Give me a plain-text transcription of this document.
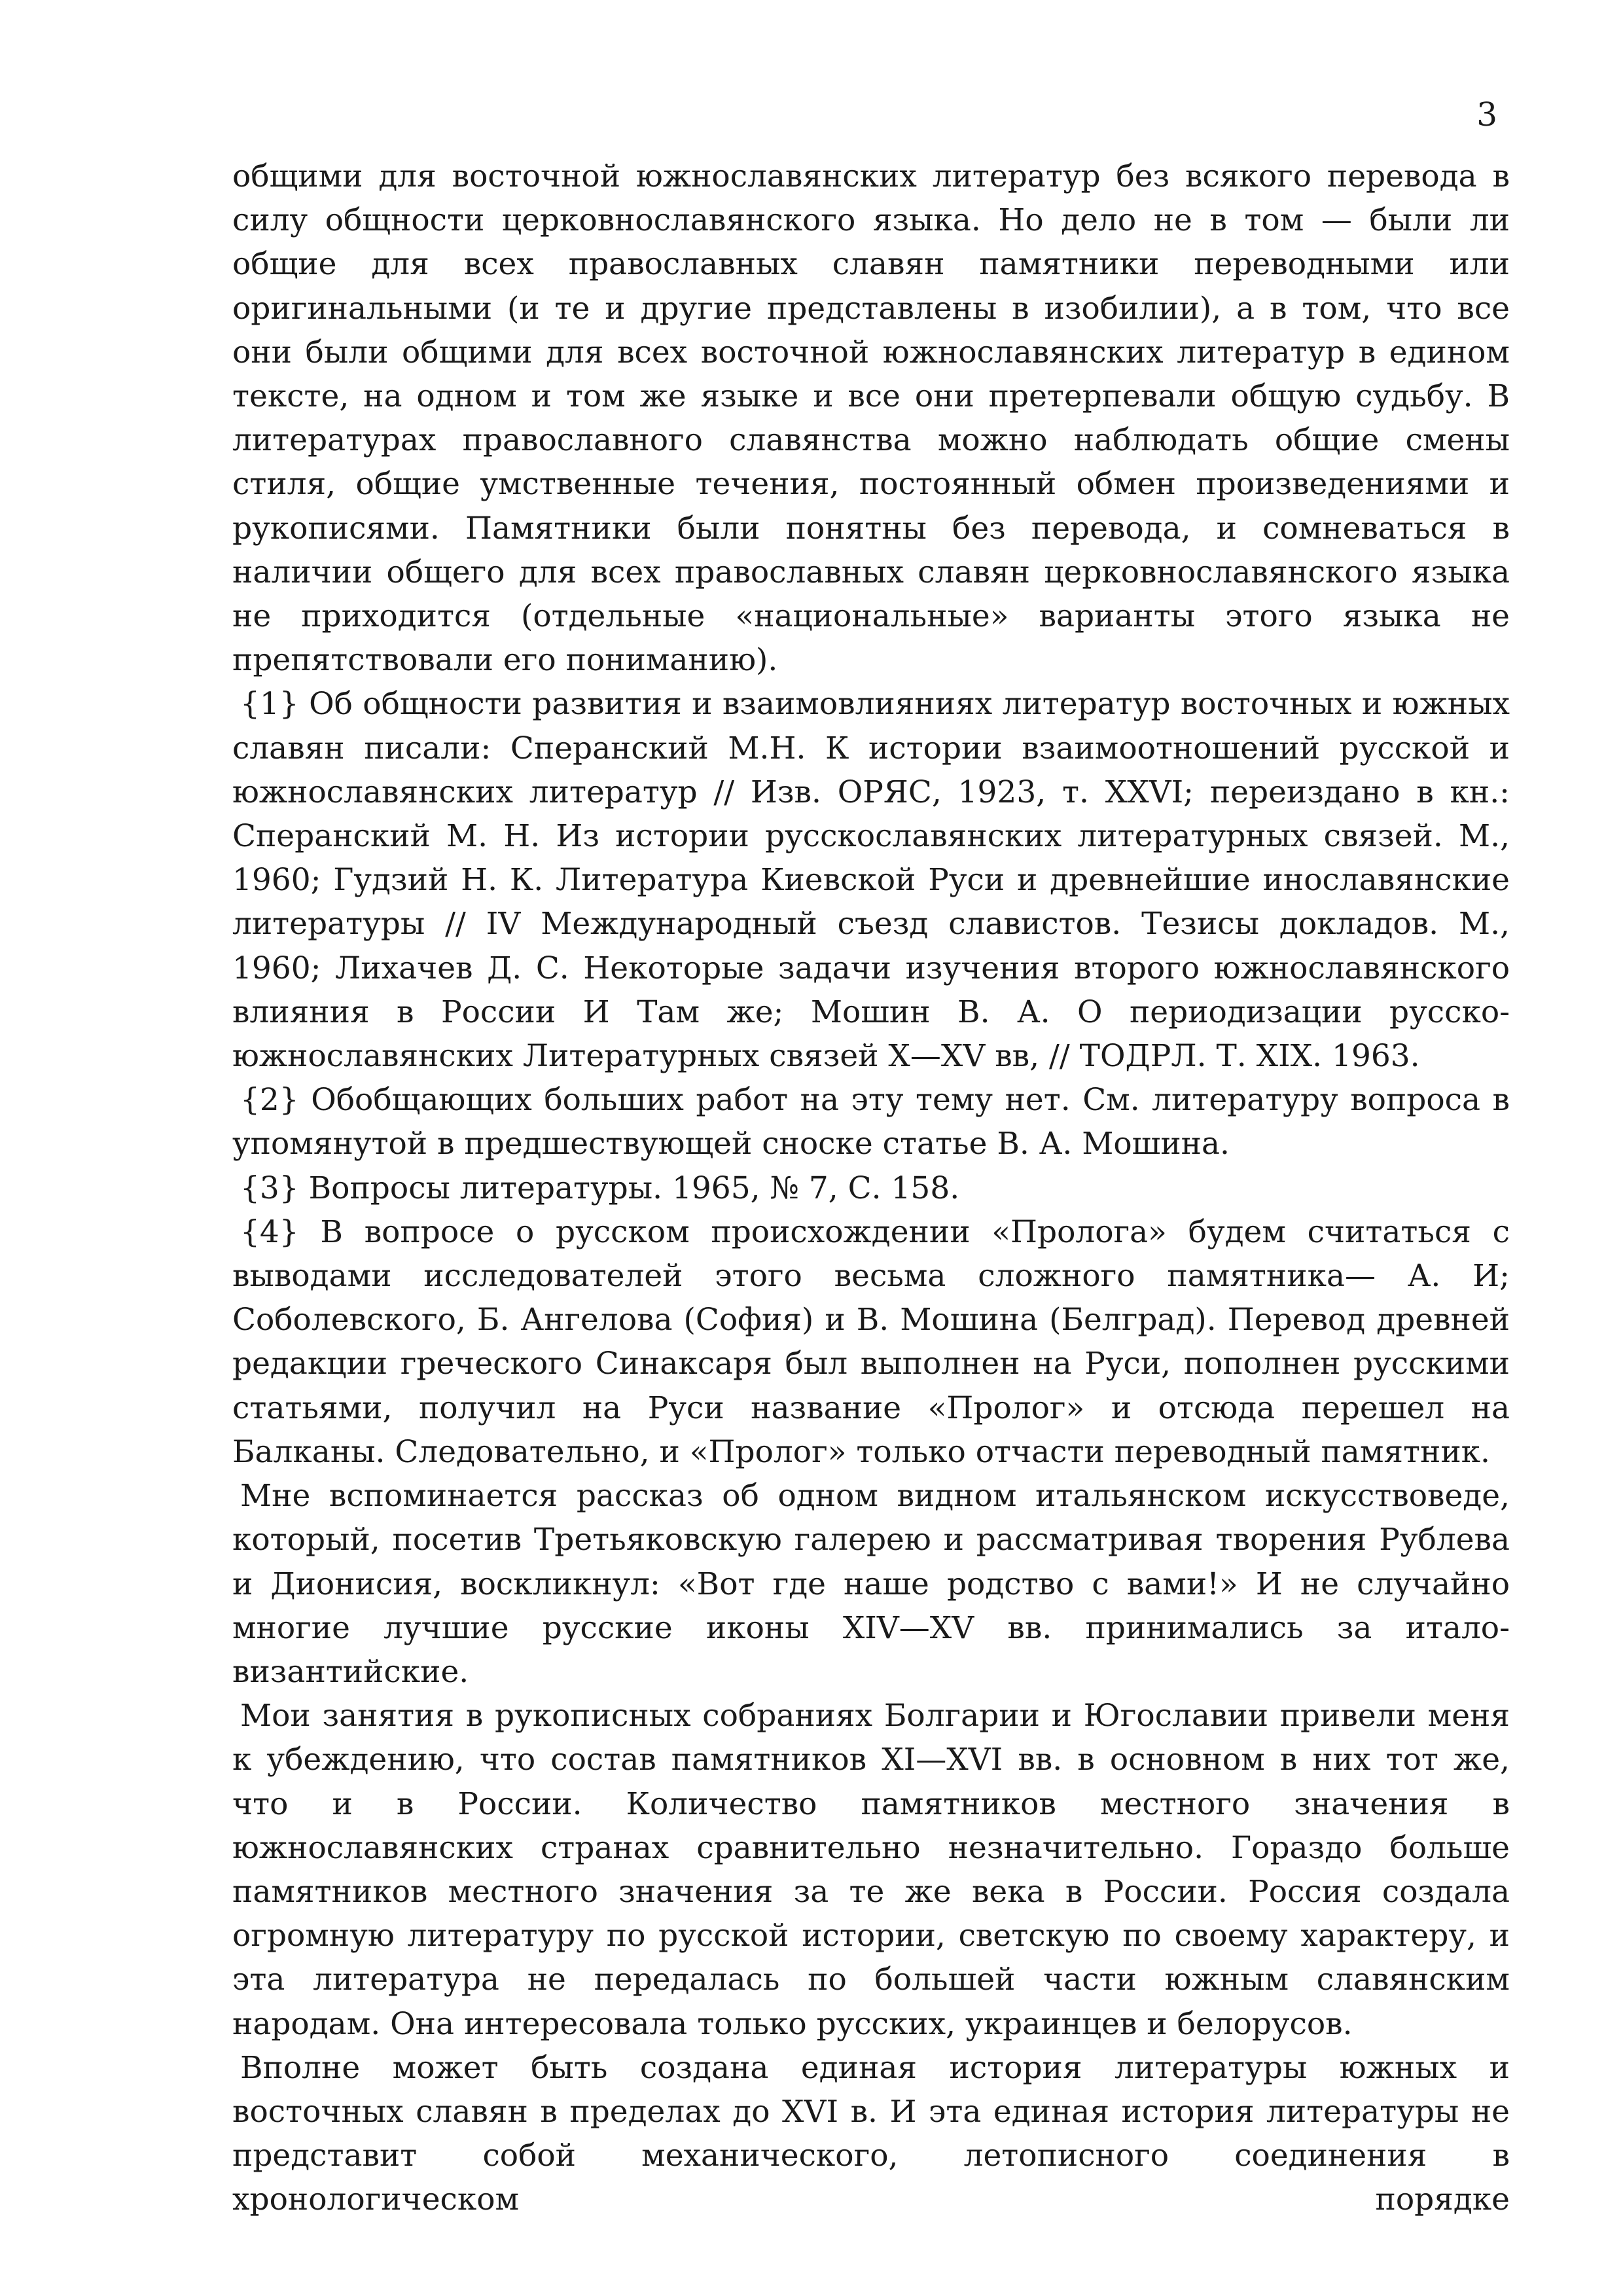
3

общими для восточной южнославянских литератур без всякого перевода в силу общности церковнославянского языка. Но дело не в том — были ли общие для всех православных славян памятники переводными или оригинальными (и те и другие представлены в изобилии), а в том, что все они были общими для всех восточной южнославянских литератур в едином тексте, на одном и том же языке и все они претерпевали общую судьбу. В литературах православного славянства можно наблюдать общие смены стиля, общие умственные течения, постоянный обмен произведениями и рукописями. Памятники были понятны без перевода, и сомневаться в наличии общего для всех православных славян церковнославянского языка не приходится (отдельные «национальные» варианты этого языка не препятствовали его пониманию).

{1} Об общности развития и взаимовлияниях литератур восточных и южных славян писали: Сперанский М.Н. К истории взаимоотношений русской и южнославянских литератур // Изв. ОРЯС, 1923, т. XXVI; переиздано в кн.: Сперанский М. Н. Из истории русскославянских литературных связей. М., 1960; Гудзий Н. К. Литература Киевской Руси и древнейшие инославянские литературы // IV Международный съезд славистов. Тезисы докладов. М., 1960; Лихачев Д. С. Некоторые задачи изучения второго южнославянского влияния в России И Там же; Мошин В. А. О периодизации русско-южнославянских Литературных связей X—XV вв, // ТОДРЛ. Т. XIX. 1963.

{2} Обобщающих больших работ на эту тему нет. См. литературу вопроса в упомянутой в предшествующей сноске статье В. А. Мошина.

{3} Вопросы литературы. 1965, № 7, С. 158.

{4} В вопросе о русском происхождении «Пролога» будем считаться с выводами исследователей этого весьма сложного памятника— А. И; Соболевского, Б. Ангелова (София) и В. Мошина (Белград). Перевод древней редакции греческого Синаксаря был выполнен на Руси, пополнен русскими статьями, получил на Руси название «Пролог» и отсюда перешел на Балканы. Следовательно, и «Пролог» только отчасти переводный памятник.

Мне вспоминается рассказ об одном видном итальянском искусствоведе, который, посетив Третьяковскую галерею и рассматривая творения Рублева и Дионисия, воскликнул: «Вот где наше родство с вами!» И не случайно многие лучшие русские иконы XIV—XV вв. принимались за итало-византийские.

Мои занятия в рукописных собраниях Болгарии и Югославии привели меня к убеждению, что состав памятников XI—XVI вв. в основном в них тот же, что и в России. Количество памятников местного значения в южнославянских странах сравнительно незначительно. Гораздо больше памятников местного значения за те же века в России. Россия создала огромную литературу по русской истории, светскую по своему характеру, и эта литература не передалась по большей части южным славянским народам. Она интересовала только русских, украинцев и белорусов.

Вполне может быть создана единая история литературы южных и восточных славян в пределах до XVI в. И эта единая история литературы не представит собой механического, летописного соединения в хронологическом порядке
